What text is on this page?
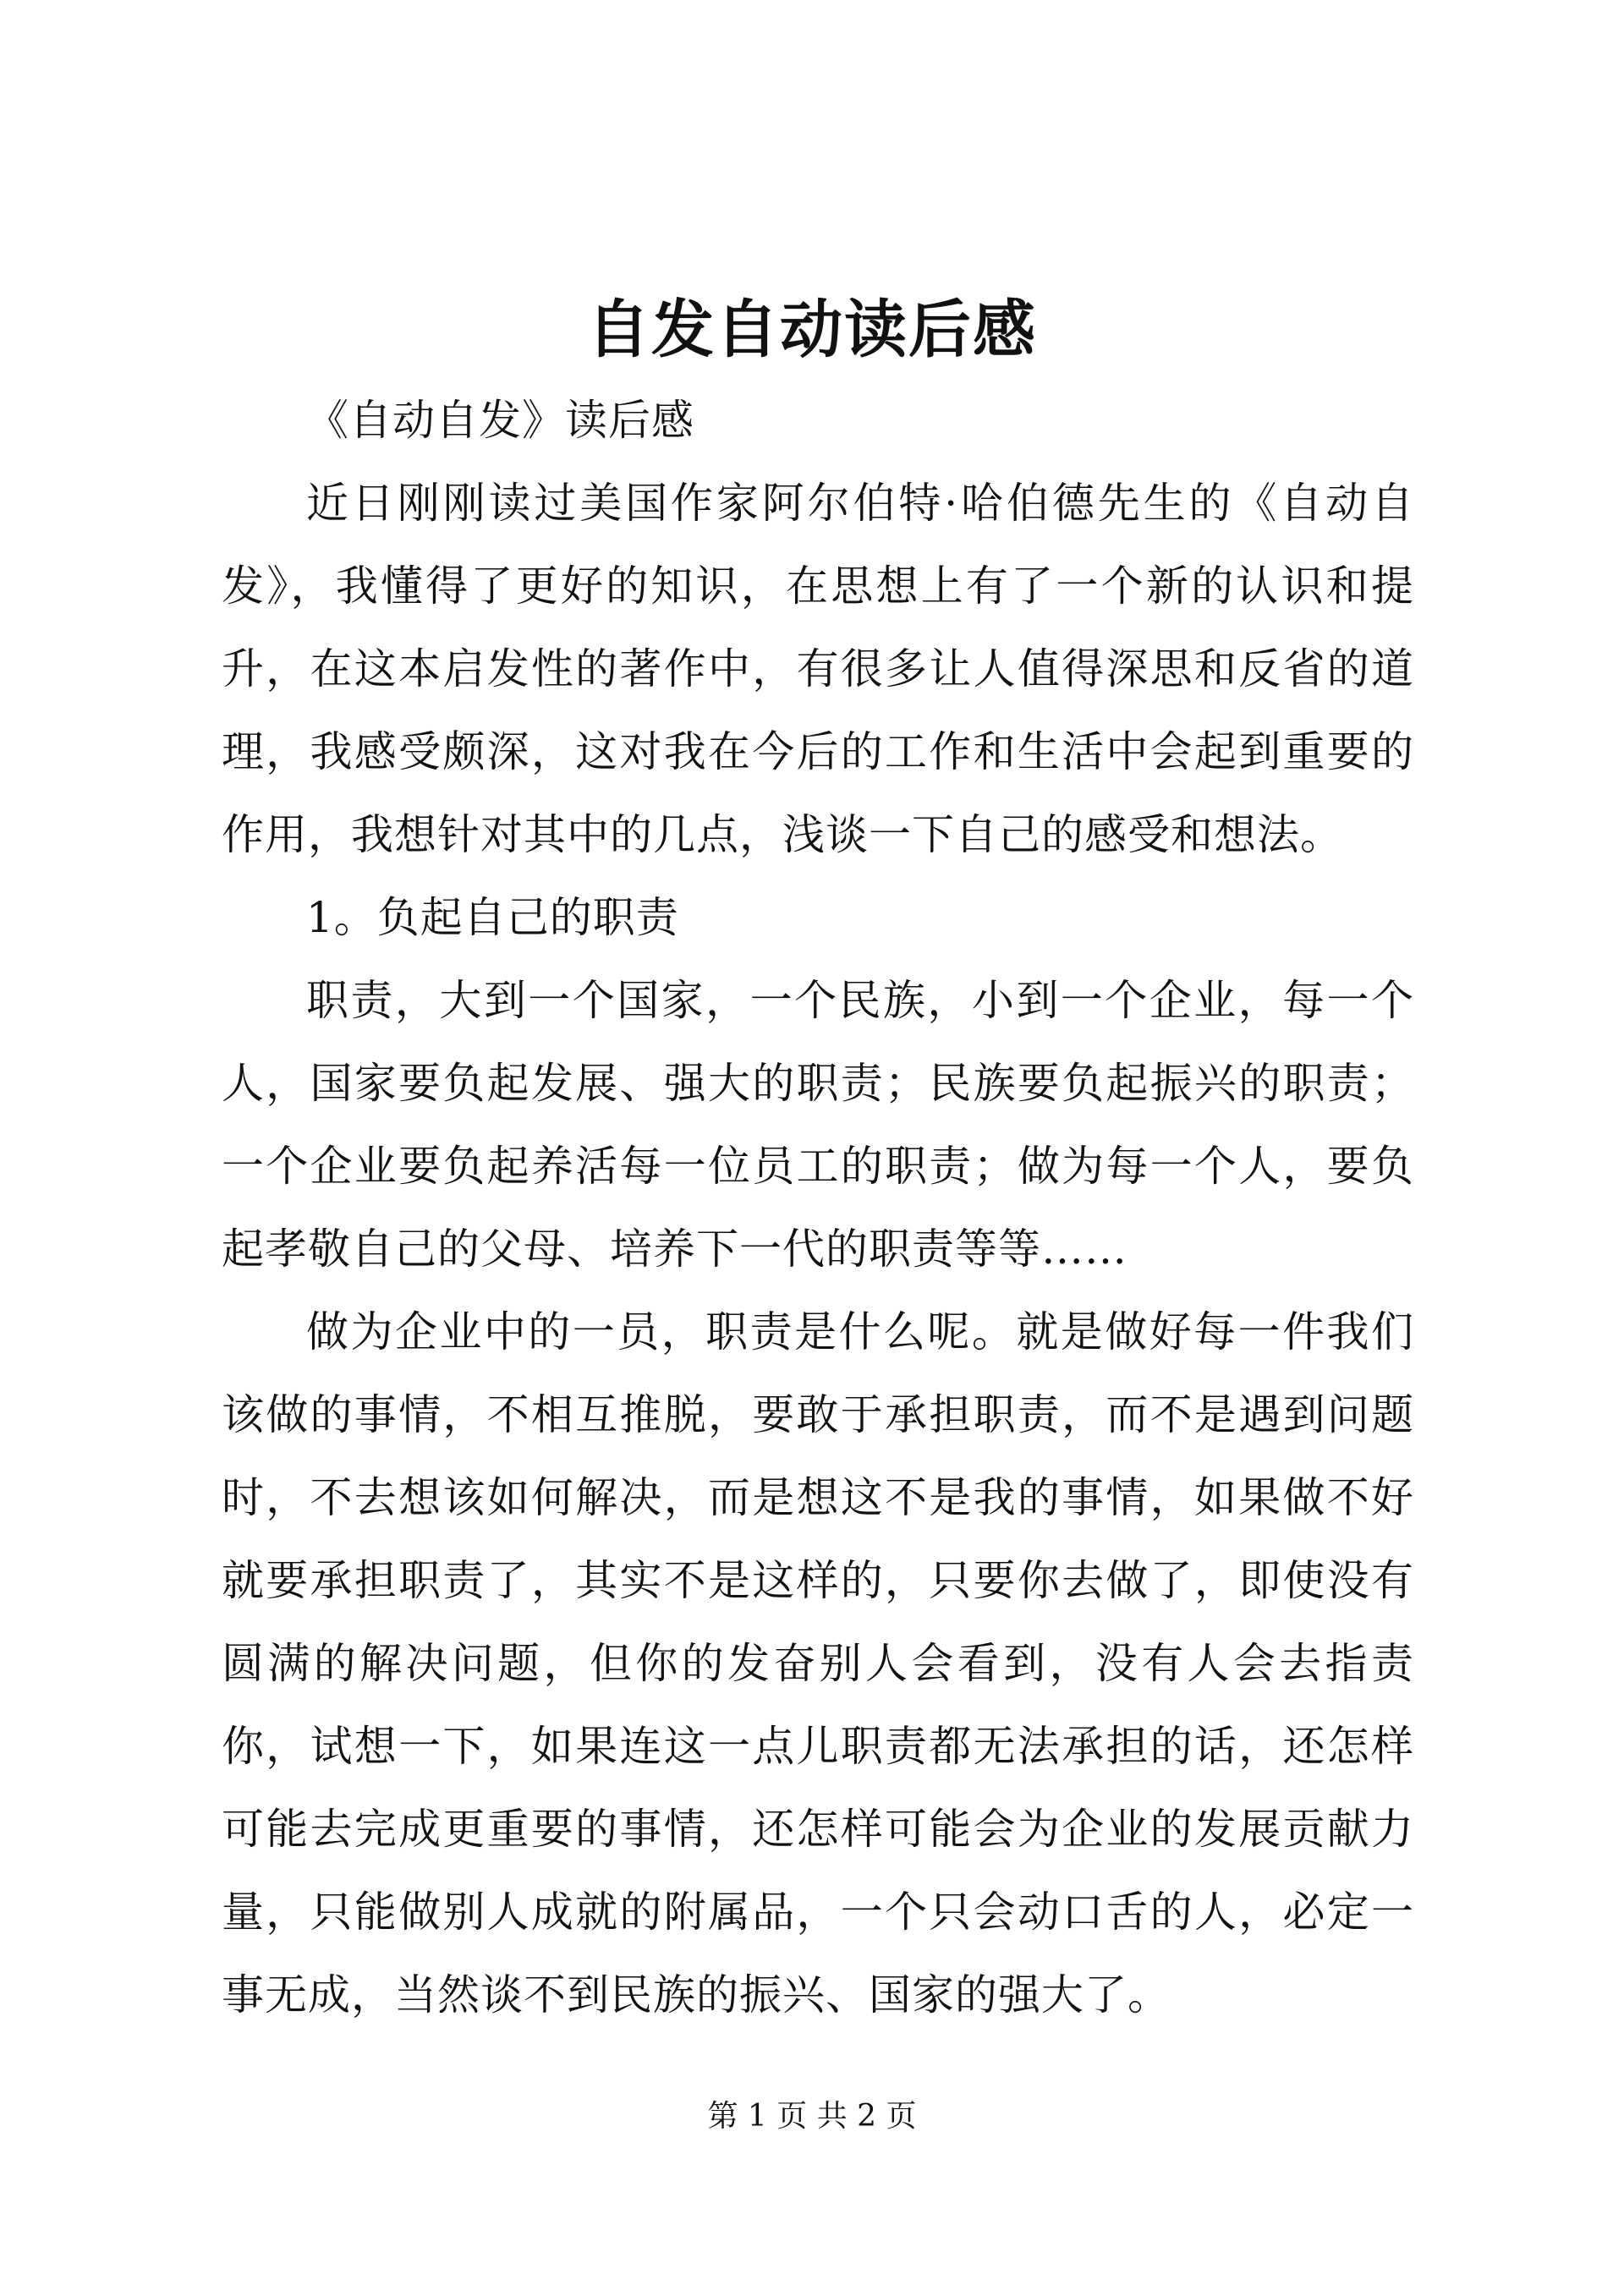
自发自动读后感

《自动自发》读后感

近日刚刚读过美国作家阿尔伯特·哈伯德先生的《自动自发》，我懂得了更好的知识，在思想上有了一个新的认识和提升，在这本启发性的著作中，有很多让人值得深思和反省的道理，我感受颇深，这对我在今后的工作和生活中会起到重要的作用，我想针对其中的几点，浅谈一下自己的感受和想法。

1。负起自己的职责

职责，大到一个国家，一个民族，小到一个企业，每一个人，国家要负起发展、强大的职责；民族要负起振兴的职责；一个企业要负起养活每一位员工的职责；做为每一个人，要负起孝敬自己的父母、培养下一代的职责等等……

做为企业中的一员，职责是什么呢。就是做好每一件我们该做的事情，不相互推脱，要敢于承担职责，而不是遇到问题时，不去想该如何解决，而是想这不是我的事情，如果做不好就要承担职责了，其实不是这样的，只要你去做了，即使没有圆满的解决问题，但你的发奋别人会看到，没有人会去指责你，试想一下，如果连这一点儿职责都无法承担的话，还怎样可能去完成更重要的事情，还怎样可能会为企业的发展贡献力量，只能做别人成就的附属品，一个只会动口舌的人，必定一事无成，当然谈不到民族的振兴、国家的强大了。

第 1 页 共 2 页
